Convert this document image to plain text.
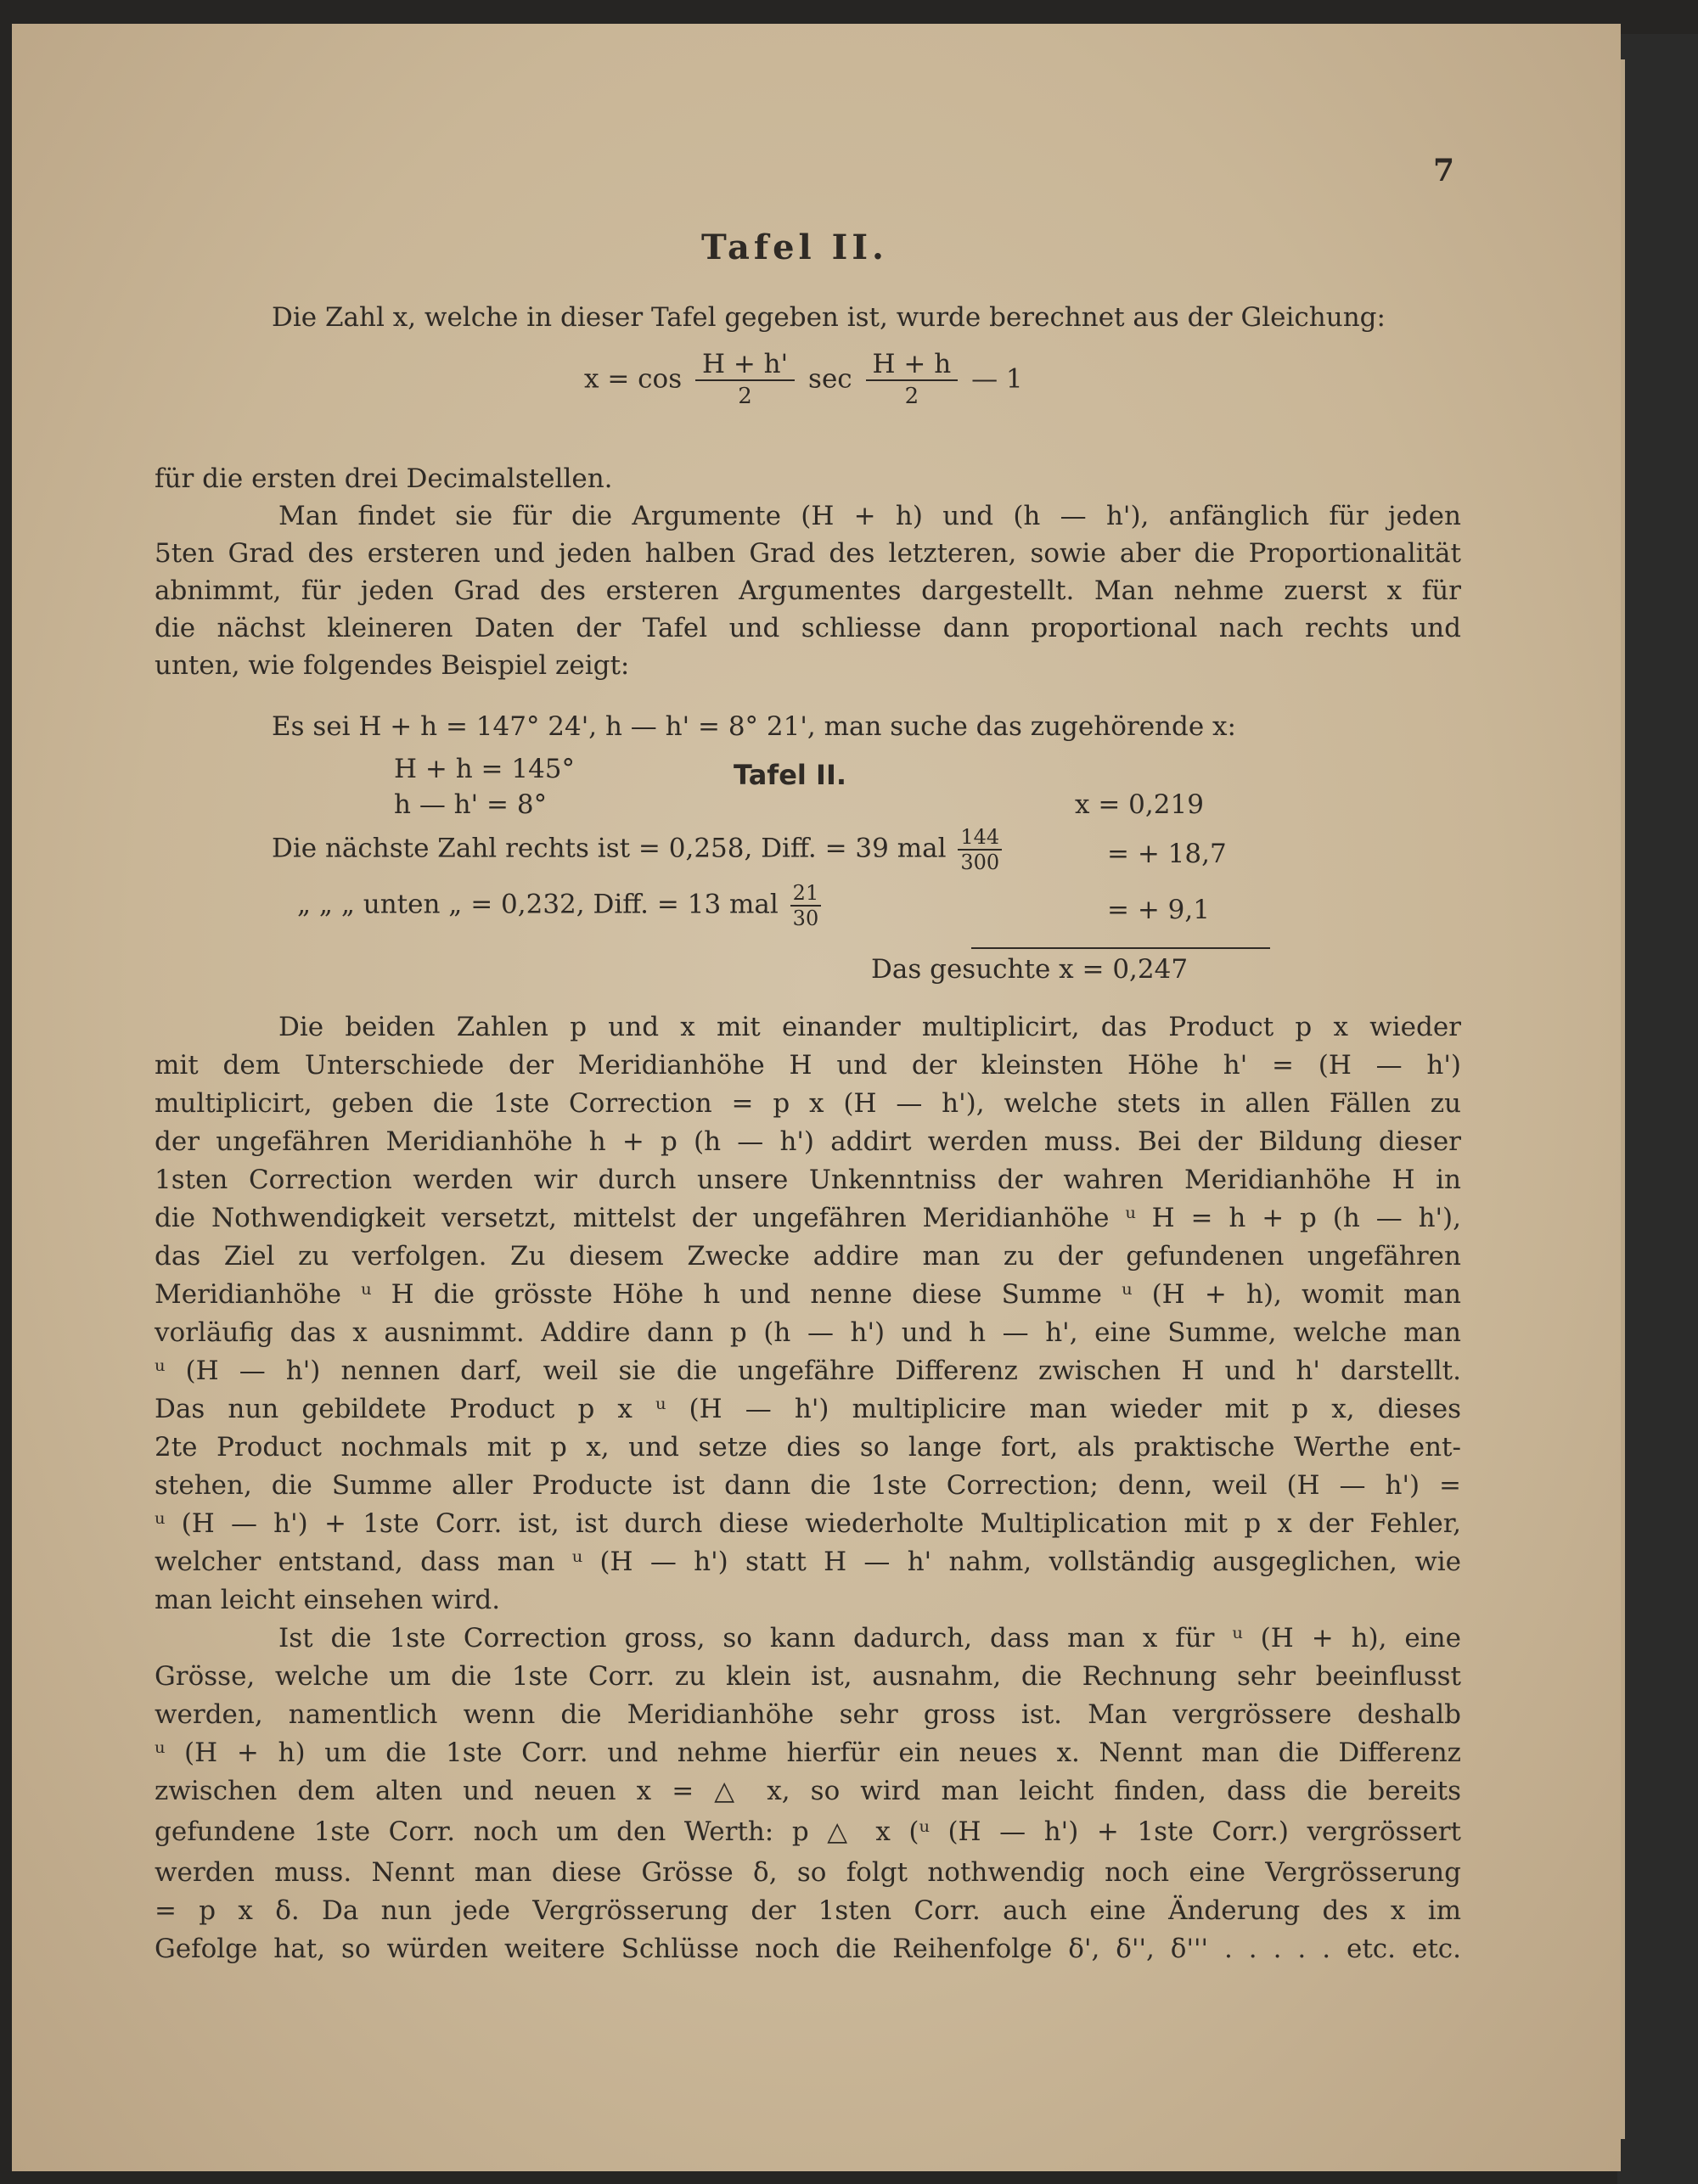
7
Tafel II.
Die Zahl x, welche in dieser Tafel gegeben ist, wurde berechnet aus der Gleichung:
$x = \cos \frac{H + h'}{2}$ $\sec \frac{H + h}{2}$ — 1
für die ersten drei Decimalstellen.
Man findet sie für die Argumente (H + h) und (h — h'), anfänglich für jeden
5ten Grad des ersteren und jeden halben Grad des letzteren, sowie aber die Proportionalität
abnimmt, für jeden Grad des ersteren Argumentes dargestellt. Man nehme zuerst x für
die nächst kleineren Daten der Tafel und schliesse dann proportional nach rechts und
unten, wie folgendes Beispiel zeigt:
Es sei H + h = 147° 24', h — h' = 8° 21', man suche das zugehörende x:
H + h = 145°	Tafel II.
h — h' = 8°	x = 0,219
Die nächste Zahl rechts ist = 0,258, Diff. = 39 mal $\frac{144}{300}$	= + 18,7
„ „ „ unten „ = 0,232, Diff. = 13 mal $\frac{21}{30}$	= + 9,1
Das gesuchte x = 0,247
Die beiden Zahlen p und x mit einander multiplicirt, das Product p x wieder
mit dem Unterschiede der Meridianhöhe H und der kleinsten Höhe h' = (H — h')
multiplicirt, geben die 1ste Correction = p x (H — h'), welche stets in allen Fällen zu
der ungefähren Meridianhöhe h + p (h — h') addirt werden muss. Bei der Bildung dieser
1sten Correction werden wir durch unsere Unkenntniss der wahren Meridianhöhe H in
die Nothwendigkeit versetzt, mittelst der ungefähren Meridianhöhe ᵘ H = h + p (h — h'),
das Ziel zu verfolgen. Zu diesem Zwecke addire man zu der gefundenen ungefähren
Meridianhöhe ᵘ H die grösste Höhe h und nenne diese Summe ᵘ (H + h), womit man
vorläufig das x ausnimmt. Addire dann p (h — h') und h — h', eine Summe, welche man
ᵘ (H — h') nennen darf, weil sie die ungefähre Differenz zwischen H und h' darstellt.
Das nun gebildete Product p x ᵘ (H — h') multiplicire man wieder mit p x, dieses
2te Product nochmals mit p x, und setze dies so lange fort, als praktische Werthe ent-
stehen, die Summe aller Producte ist dann die 1ste Correction; denn, weil (H — h') =
ᵘ (H — h') + 1ste Corr. ist, ist durch diese wiederholte Multiplication mit p x der Fehler,
welcher entstand, dass man ᵘ (H — h') statt H — h' nahm, vollständig ausgeglichen, wie
man leicht einsehen wird.
Ist die 1ste Correction gross, so kann dadurch, dass man x für ᵘ (H + h), eine
Grösse, welche um die 1ste Corr. zu klein ist, ausnahm, die Rechnung sehr beeinflusst
werden, namentlich wenn die Meridianhöhe sehr gross ist. Man vergrössere deshalb
ᵘ (H + h) um die 1ste Corr. und nehme hierfür ein neues x. Nennt man die Differenz
zwischen dem alten und neuen x = △ x, so wird man leicht finden, dass die bereits
gefundene 1ste Corr. noch um den Werth: p △ x (ᵘ (H — h') + 1ste Corr.) vergrössert
werden muss. Nennt man diese Grösse δ, so folgt nothwendig noch eine Vergrösserung
= p x δ. Da nun jede Vergrösserung der 1sten Corr. auch eine Änderung des x im
Gefolge hat, so würden weitere Schlüsse noch die Reihenfolge δ', δ'', δ''' . . . . . etc. etc.
